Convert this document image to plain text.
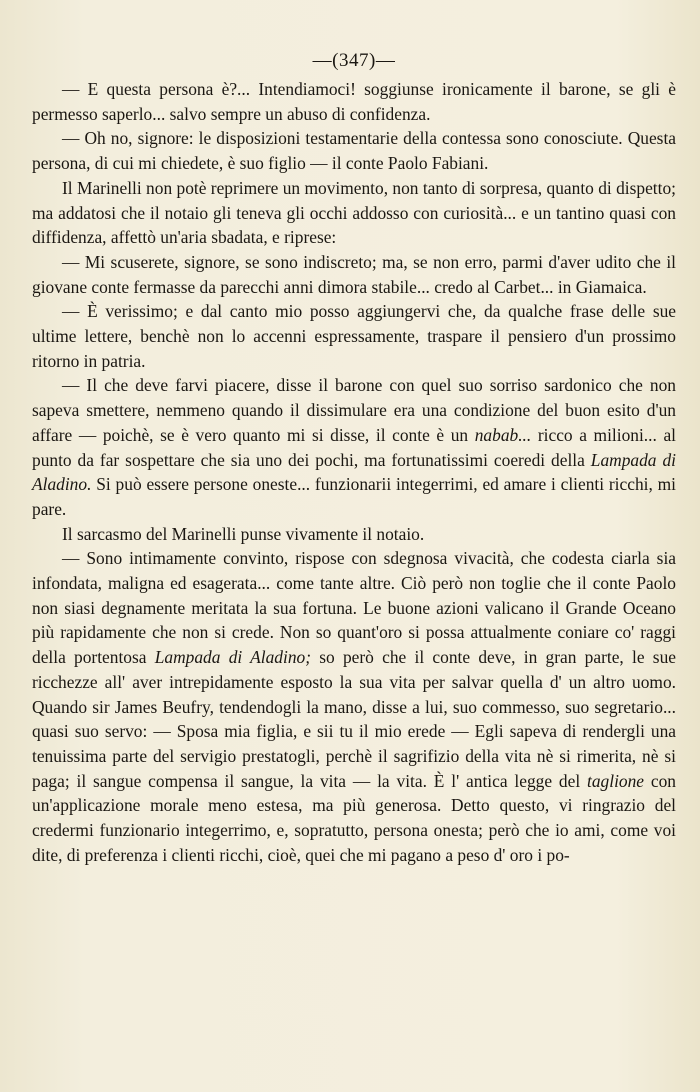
—(347)—

— E questa persona è?... Intendiamoci! soggiunse ironicamente il barone, se gli è permesso saperlo... salvo sempre un abuso di confidenza.

— Oh no, signore: le disposizioni testamentarie della contessa sono conosciute. Questa persona, di cui mi chiedete, è suo figlio — il conte Paolo Fabiani.

Il Marinelli non potè reprimere un movimento, non tanto di sorpresa, quanto di dispetto; ma addatosi che il notaio gli teneva gli occhi addosso con curiosità... e un tantino quasi con diffidenza, affettò un'aria sbadata, e riprese:

— Mi scuserete, signore, se sono indiscreto; ma, se non erro, parmi d'aver udito che il giovane conte fermasse da parecchi anni dimora stabile... credo al Carbet... in Giamaica.

— È verissimo; e dal canto mio posso aggiungervi che, da qualche frase delle sue ultime lettere, benchè non lo accenni espressamente, traspare il pensiero d'un prossimo ritorno in patria.

— Il che deve farvi piacere, disse il barone con quel suo sorriso sardonico che non sapeva smettere, nemmeno quando il dissimulare era una condizione del buon esito d'un affare — poichè, se è vero quanto mi si disse, il conte è un nabab... ricco a milioni... al punto da far sospettare che sia uno dei pochi, ma fortunatissimi coeredi della Lampada di Aladino. Si può essere persone oneste... funzionarii integerrimi, ed amare i clienti ricchi, mi pare.

Il sarcasmo del Marinelli punse vivamente il notaio.

— Sono intimamente convinto, rispose con sdegnosa vivacità, che codesta ciarla sia infondata, maligna ed esagerata... come tante altre. Ciò però non toglie che il conte Paolo non siasi degnamente meritata la sua fortuna. Le buone azioni valicano il Grande Oceano più rapidamente che non si crede. Non so quant'oro si possa attualmente coniare co' raggi della portentosa Lampada di Aladino; so però che il conte deve, in gran parte, le sue ricchezze all' aver intrepidamente esposto la sua vita per salvar quella d' un altro uomo. Quando sir James Beufry, tendendogli la mano, disse a lui, suo commesso, suo segretario... quasi suo servo: — Sposa mia figlia, e sii tu il mio erede — Egli sapeva di rendergli una tenuissima parte del servigio prestatogli, perchè il sagrifizio della vita nè si rimerita, nè si paga; il sangue compensa il sangue, la vita — la vita. È l' antica legge del taglione con un'applicazione morale meno estesa, ma più generosa. Detto questo, vi ringrazio del credermi funzionario integerrimo, e, sopratutto, persona onesta; però che io ami, come voi dite, di preferenza i clienti ricchi, cioè, quei che mi pagano a peso d' oro i po-
